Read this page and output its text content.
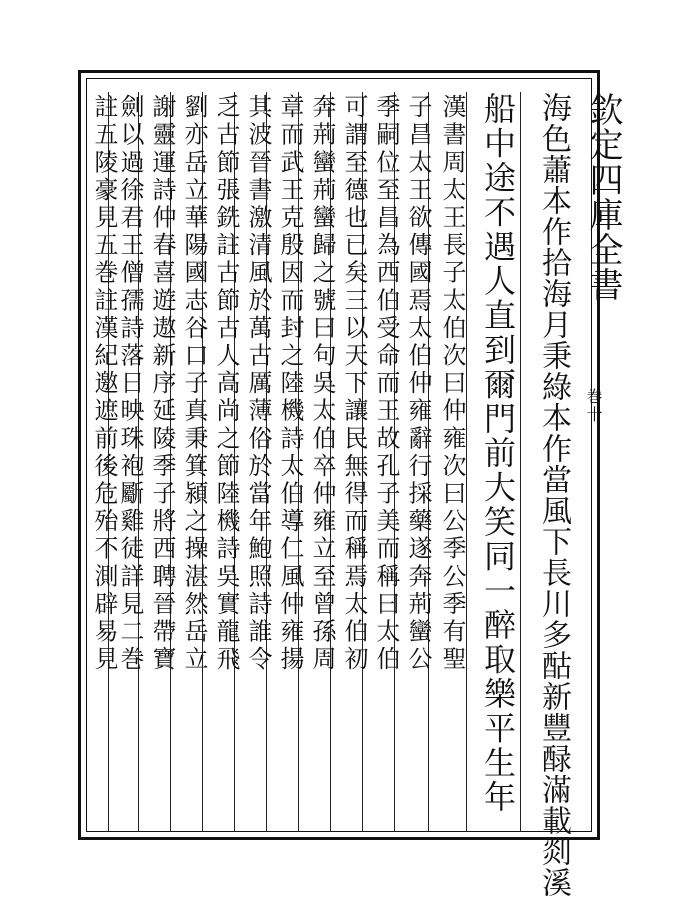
欽定四庫全書
巻十
海色蕭本作拾海月秉綠本作當風下長川多酤新豐醁滿載剡溪
船中途不遇人直到爾門前大笑同一醉取樂平生年
漢書周太王長子太伯次曰仲雍次曰公季公季有聖
子昌太王欲傳國焉太伯仲雍辭行採藥遂奔荊蠻公
季嗣位至昌為西伯受命而王故孔子美而稱曰太伯
可謂至德也已矣三以天下讓民無得而稱焉太伯初
奔荊蠻荊蠻歸之號曰句吳太伯卒仲雍立至曾孫周
章而武王克殷因而封之陸機詩太伯導仁風仲雍揚
其波晉書激清風於萬古厲薄俗於當年鮑照詩誰令
乏古節張銑註古節古人高尚之節陸機詩吳實龍飛
劉亦岳立華陽國志谷口子真秉箕潁之操湛然岳立
謝靈運詩仲春喜遊遨新序延陵季子將西聘晉帶寶
劍以過徐君王僧孺詩落日映珠袍斸雞徒詳見二巻
註五陵豪見五巻註漢紀邀遮前後危殆不測辟易見
